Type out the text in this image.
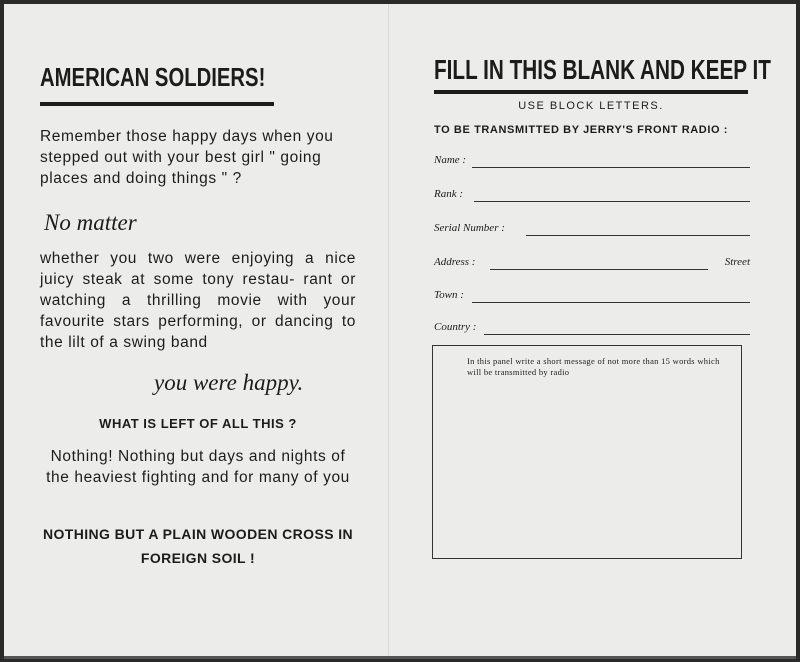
AMERICAN SOLDIERS!
Remember those happy days when you stepped out with your best girl " going places and doing things " ?
No matter
whether you two were enjoying a nice juicy steak at some tony restau- rant or watching a thrilling movie with your favourite stars performing, or dancing to the lilt of a swing band
you were happy.
WHAT IS LEFT OF ALL THIS ?
Nothing! Nothing but days and nights of the heaviest fighting and for many of you
NOTHING BUT A PLAIN WOODEN CROSS IN FOREIGN SOIL !
FILL IN THIS BLANK AND KEEP IT
USE BLOCK LETTERS.
TO BE TRANSMITTED BY JERRY'S FRONT RADIO :
Name :
Rank :
Serial Number :
Address :	Street
Town :
Country :
In this panel write a short message of not more than 15 words which will be transmitted by radio
